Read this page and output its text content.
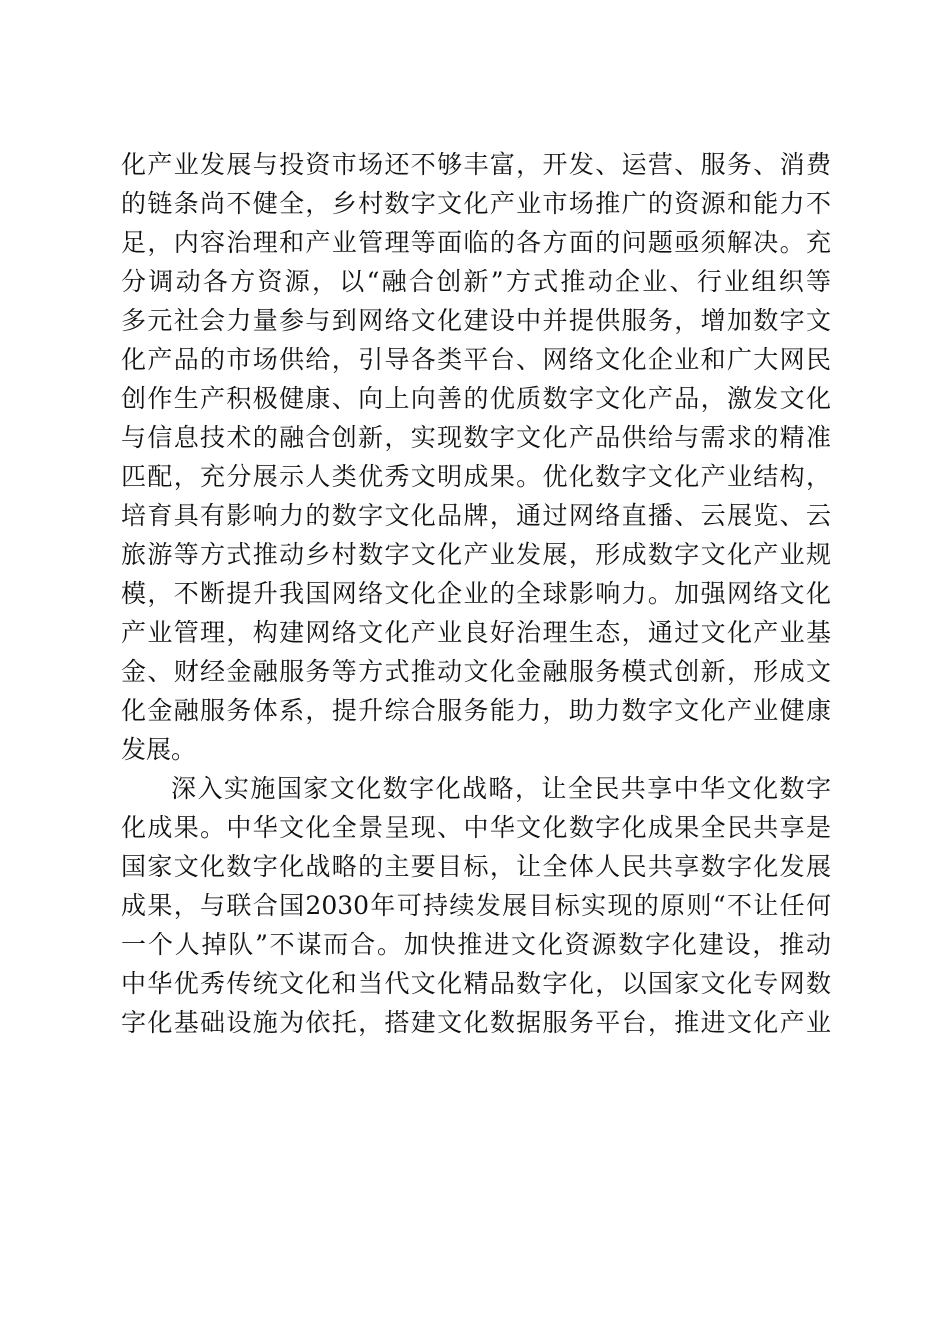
化产业发展与投资市场还不够丰富，开发、运营、服务、消费
的链条尚不健全，乡村数字文化产业市场推广的资源和能力不
足，内容治理和产业管理等面临的各方面的问题亟须解决。充
分调动各方资源，以“融合创新”方式推动企业、行业组织等
多元社会力量参与到网络文化建设中并提供服务，增加数字文
化产品的市场供给，引导各类平台、网络文化企业和广大网民
创作生产积极健康、向上向善的优质数字文化产品，激发文化
与信息技术的融合创新，实现数字文化产品供给与需求的精准
匹配，充分展示人类优秀文明成果。优化数字文化产业结构，
培育具有影响力的数字文化品牌，通过网络直播、云展览、云
旅游等方式推动乡村数字文化产业发展，形成数字文化产业规
模，不断提升我国网络文化企业的全球影响力。加强网络文化
产业管理，构建网络文化产业良好治理生态，通过文化产业基
金、财经金融服务等方式推动文化金融服务模式创新，形成文
化金融服务体系，提升综合服务能力，助力数字文化产业健康
发展。
深入实施国家文化数字化战略，让全民共享中华文化数字
化成果。中华文化全景呈现、中华文化数字化成果全民共享是
国家文化数字化战略的主要目标，让全体人民共享数字化发展
成果，与联合国2030年可持续发展目标实现的原则“不让任何
一个人掉队”不谋而合。加快推进文化资源数字化建设，推动
中华优秀传统文化和当代文化精品数字化，以国家文化专网数
字化基础设施为依托，搭建文化数据服务平台，推进文化产业
